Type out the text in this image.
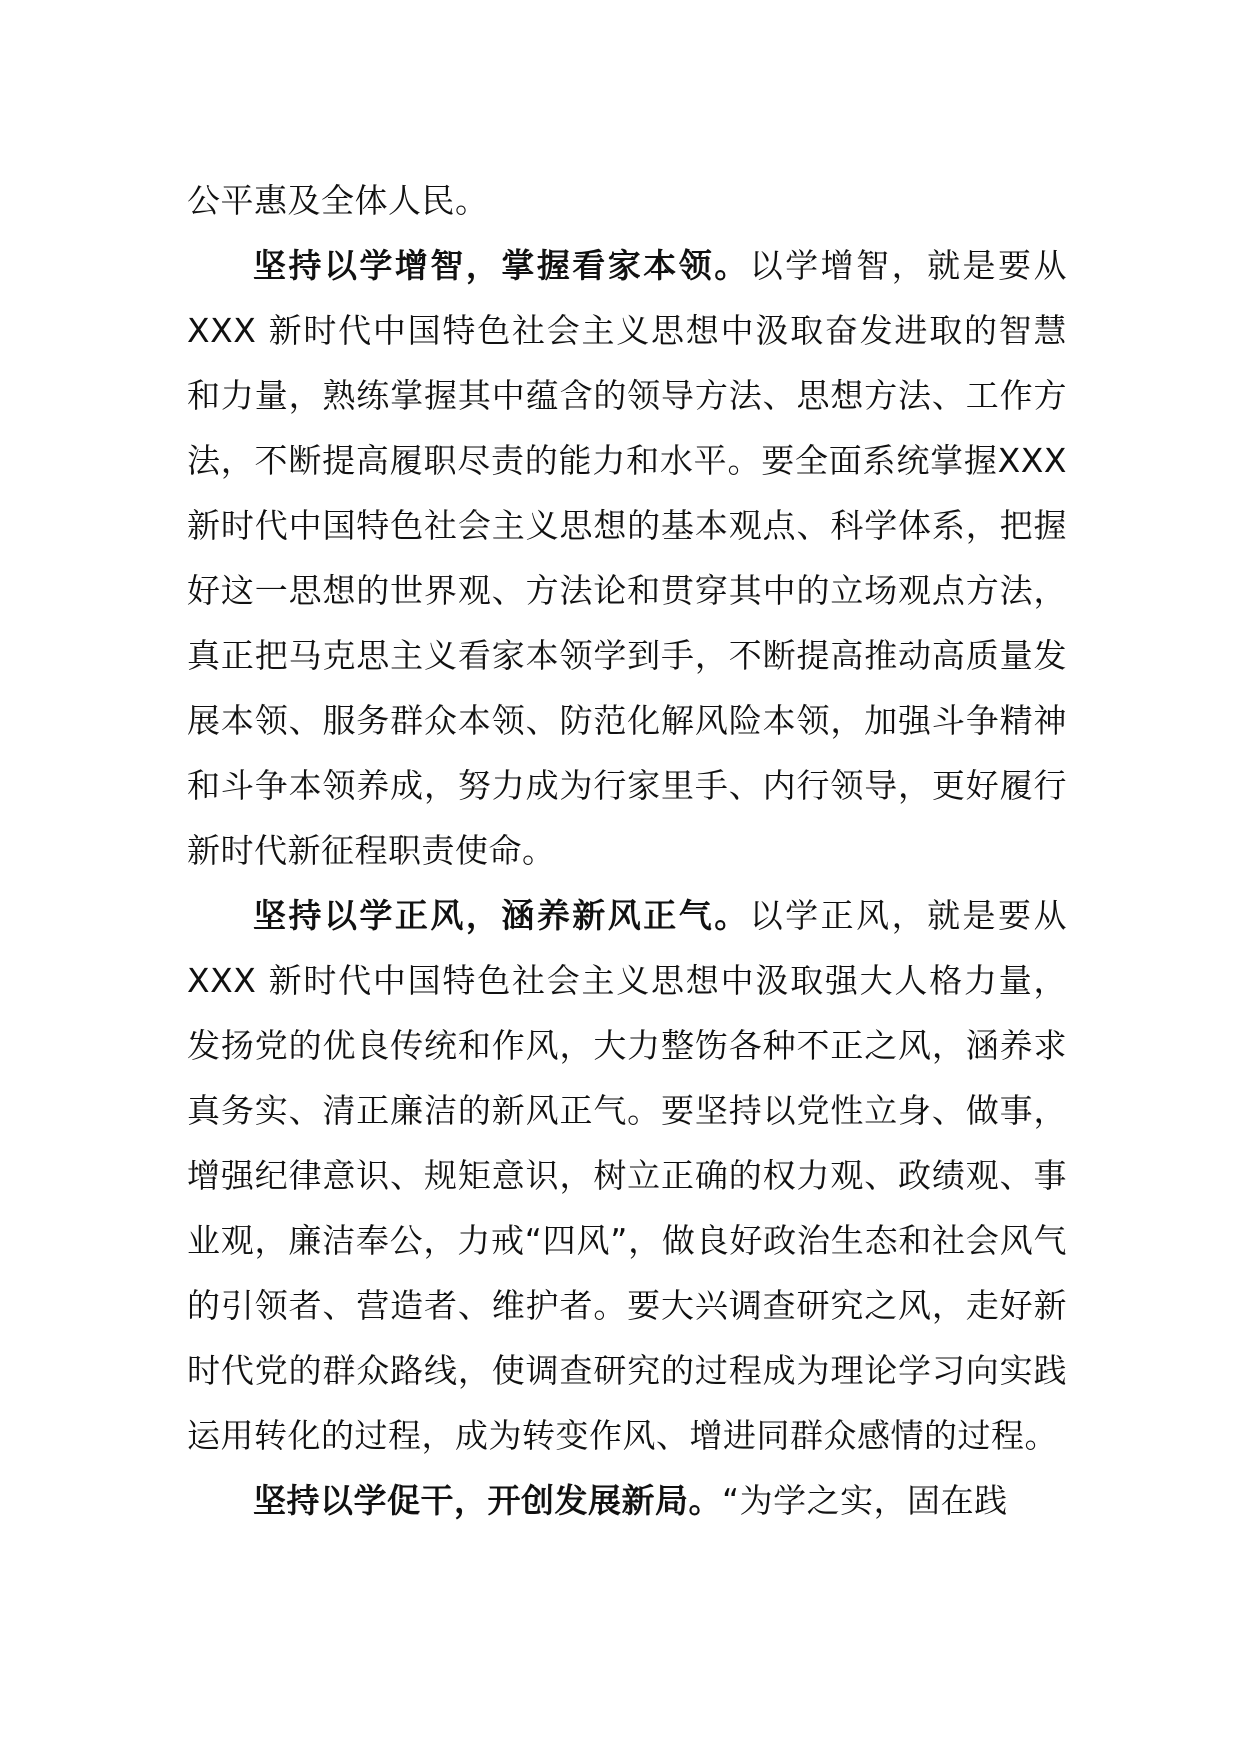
公平惠及全体人民。

坚持以学增智，掌握看家本领。以学增智，就是要从XXX 新时代中国特色社会主义思想中汲取奋发进取的智慧和力量，熟练掌握其中蕴含的领导方法、思想方法、工作方法，不断提高履职尽责的能力和水平。要全面系统掌握XXX 新时代中国特色社会主义思想的基本观点、科学体系，把握好这一思想的世界观、方法论和贯穿其中的立场观点方法，真正把马克思主义看家本领学到手，不断提高推动高质量发展本领、服务群众本领、防范化解风险本领，加强斗争精神和斗争本领养成，努力成为行家里手、内行领导，更好履行新时代新征程职责使命。

坚持以学正风，涵养新风正气。以学正风，就是要从XXX 新时代中国特色社会主义思想中汲取强大人格力量，发扬党的优良传统和作风，大力整饬各种不正之风，涵养求真务实、清正廉洁的新风正气。要坚持以党性立身、做事，增强纪律意识、规矩意识，树立正确的权力观、政绩观、事业观，廉洁奉公，力戒“四风”，做良好政治生态和社会风气的引领者、营造者、维护者。要大兴调查研究之风，走好新时代党的群众路线，使调查研究的过程成为理论学习向实践运用转化的过程，成为转变作风、增进同群众感情的过程。

坚持以学促干，开创发展新局。“为学之实，固在践
